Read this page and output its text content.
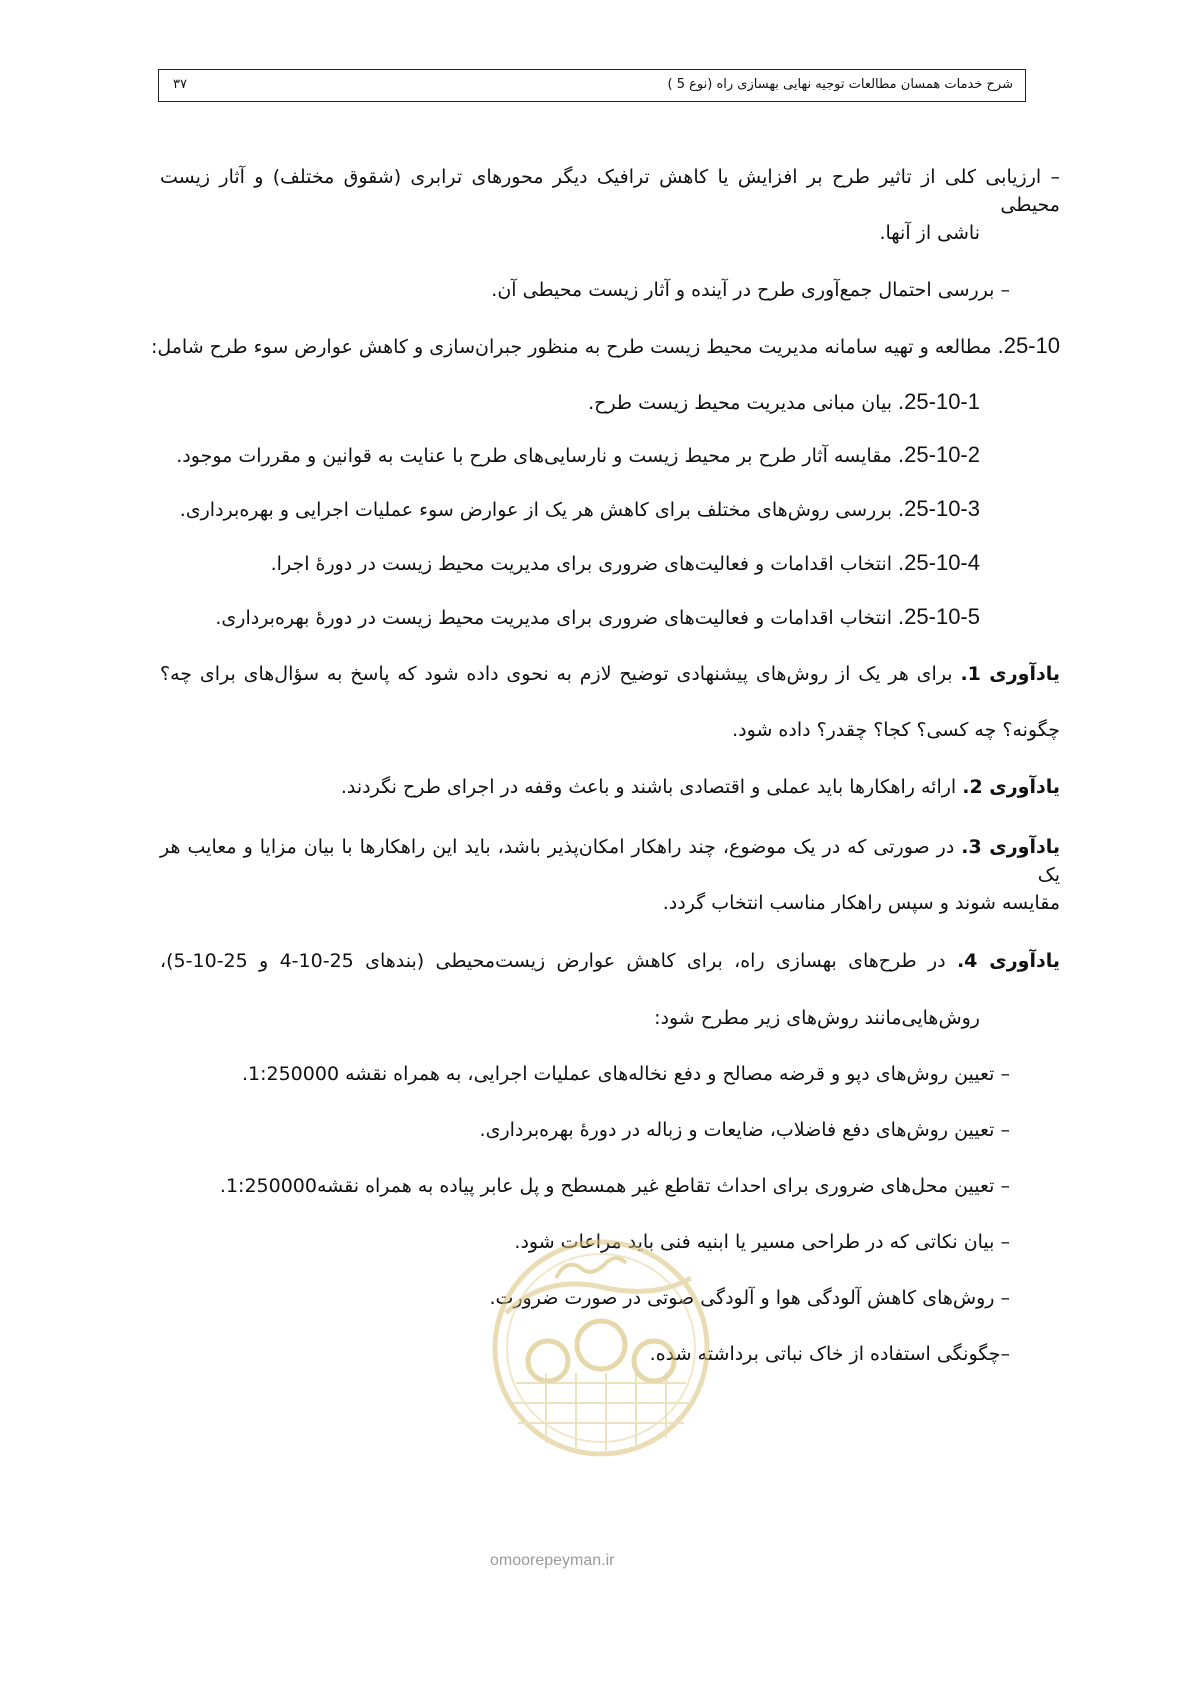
شرح خدمات همسان مطالعات توجیه نهایی بهسازی راه (نوع 5 )
۳۷
– ارزیابی کلی از تاثیر طرح بر افزایش یا کاهش ترافیک دیگر محورهای ترابری (شقوق مختلف) و آثار زیست محیطی
ناشی از آنها.
– بررسی احتمال جمع‌آوری طرح در آینده و آثار زیست محیطی آن.
25-10. مطالعه و تهیه سامانه مدیریت محیط زیست طرح به منظور جبران‌سازی و کاهش عوارض سوء طرح شامل:
25-10-1. بیان مبانی مدیریت محیط زیست طرح.
25-10-2. مقایسه آثار طرح بر محیط زیست و نارسایی‌های طرح با عنایت به قوانین و مقررات موجود.
25-10-3. بررسی روش‌های مختلف برای کاهش هر یک از عوارض سوء عملیات اجرایی و بهره‌برداری.
25-10-4. انتخاب اقدامات و فعالیت‌های ضروری برای مدیریت محیط زیست در دورهٔ اجرا.
25-10-5. انتخاب اقدامات و فعالیت‌های ضروری برای مدیریت محیط زیست در دورهٔ بهره‌برداری.
یادآوری 1. برای هر یک از روش‌های پیشنهادی توضیح لازم به نحوی داده شود که پاسخ به سؤال‌های برای چه؟
چگونه؟ چه کسی؟ کجا؟ چقدر؟ داده شود.
یادآوری 2. ارائه راهکارها باید عملی و اقتصادی باشند و باعث وقفه در اجرای طرح نگردند.
یادآوری 3. در صورتی که در یک موضوع، چند راهکار امکان‌پذیر باشد، باید این راهکارها با بیان مزایا و معایب هر یک
مقایسه شوند و سپس راهکار مناسب انتخاب گردد.
یادآوری 4. در طرح‌های بهسازی راه، برای کاهش عوارض زیست‌محیطی (بندهای 25-10-4 و 25-10-5)،
روش‌هایی‌مانند روش‌های زیر مطرح شود:
– تعیین روش‌های دپو و قرضه مصالح و دفع نخاله‌های عملیات اجرایی، به همراه نقشه 1:250000.
– تعیین روش‌های دفع فاضلاب، ضایعات و زباله در دورهٔ بهره‌برداری.
– تعیین محل‌های ضروری برای احداث تقاطع غیر همسطح و پل عابر پیاده به همراه نقشه1:250000.
– بیان نکاتی که در طراحی مسیر یا ابنیه فنی باید مراعات شود.
– روش‌های کاهش آلودگی هوا و آلودگی صوتی در صورت ضرورت.
–چگونگی استفاده از خاک نباتی برداشته شده.
omoorepeyman.ir
